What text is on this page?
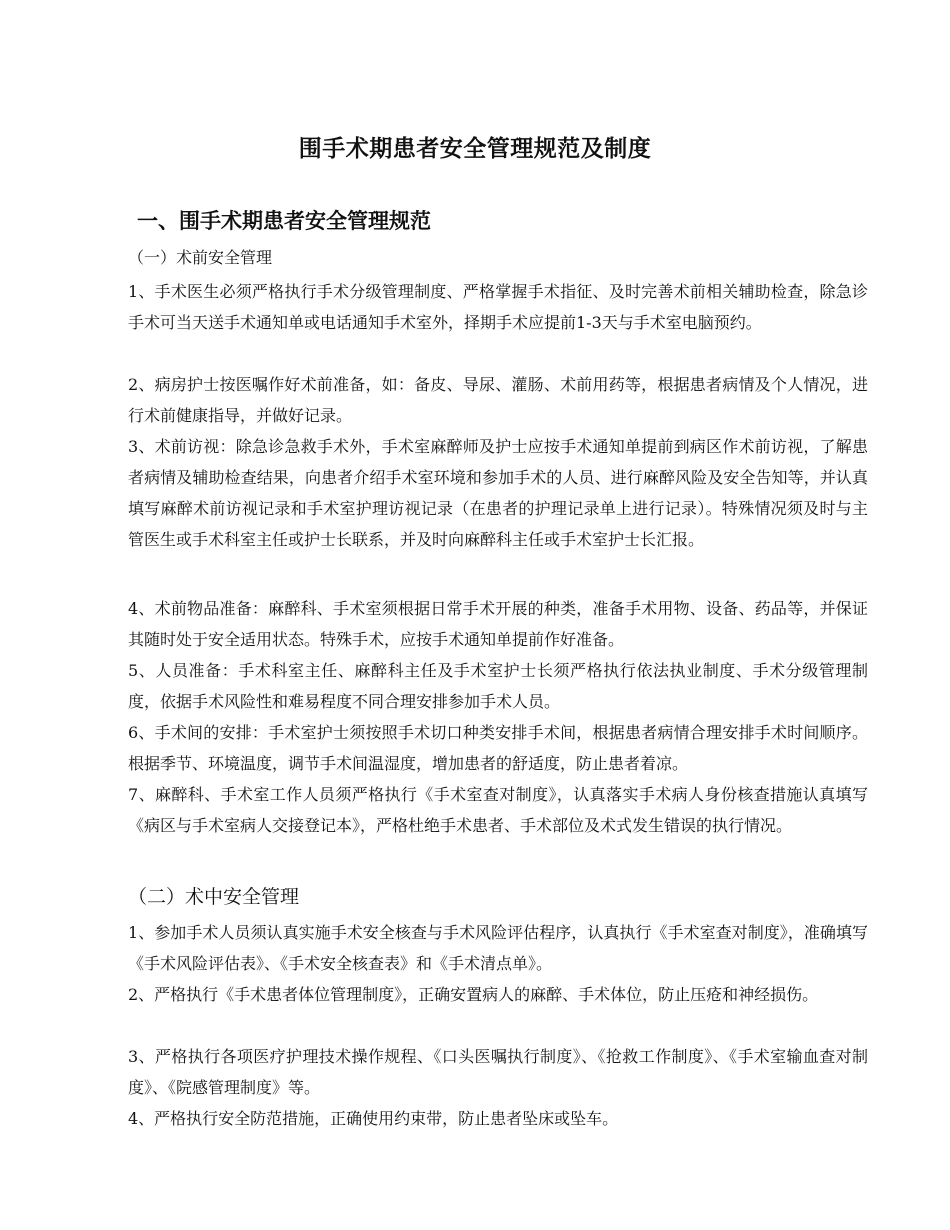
围手术期患者安全管理规范及制度
一、围手术期患者安全管理规范
（一）术前安全管理
1、手术医生必须严格执行手术分级管理制度、严格掌握手术指征、及时完善术前相关辅助检查，除急诊手术可当天送手术通知单或电话通知手术室外，择期手术应提前1-3天与手术室电脑预约。
2、病房护士按医嘱作好术前准备，如：备皮、导尿、灌肠、术前用药等，根据患者病情及个人情况，进行术前健康指导，并做好记录。
3、术前访视：除急诊急救手术外，手术室麻醉师及护士应按手术通知单提前到病区作术前访视，了解患者病情及辅助检查结果，向患者介绍手术室环境和参加手术的人员、进行麻醉风险及安全告知等，并认真填写麻醉术前访视记录和手术室护理访视记录（在患者的护理记录单上进行记录）。特殊情况须及时与主管医生或手术科室主任或护士长联系，并及时向麻醉科主任或手术室护士长汇报。
4、术前物品准备：麻醉科、手术室须根据日常手术开展的种类，准备手术用物、设备、药品等，并保证其随时处于安全适用状态。特殊手术，应按手术通知单提前作好准备。
5、人员准备：手术科室主任、麻醉科主任及手术室护士长须严格执行依法执业制度、手术分级管理制度，依据手术风险性和难易程度不同合理安排参加手术人员。
6、手术间的安排：手术室护士须按照手术切口种类安排手术间，根据患者病情合理安排手术时间顺序。根据季节、环境温度，调节手术间温湿度，增加患者的舒适度，防止患者着凉。
7、麻醉科、手术室工作人员须严格执行《手术室查对制度》，认真落实手术病人身份核查措施认真填写《病区与手术室病人交接登记本》，严格杜绝手术患者、手术部位及术式发生错误的执行情况。
（二）术中安全管理
1、参加手术人员须认真实施手术安全核查与手术风险评估程序，认真执行《手术室查对制度》，准确填写《手术风险评估表》、《手术安全核查表》和《手术清点单》。
2、严格执行《手术患者体位管理制度》，正确安置病人的麻醉、手术体位，防止压疮和神经损伤。
3、严格执行各项医疗护理技术操作规程、《口头医嘱执行制度》、《抢救工作制度》、《手术室输血查对制度》、《院感管理制度》等。
4、严格执行安全防范措施，正确使用约束带，防止患者坠床或坠车。
